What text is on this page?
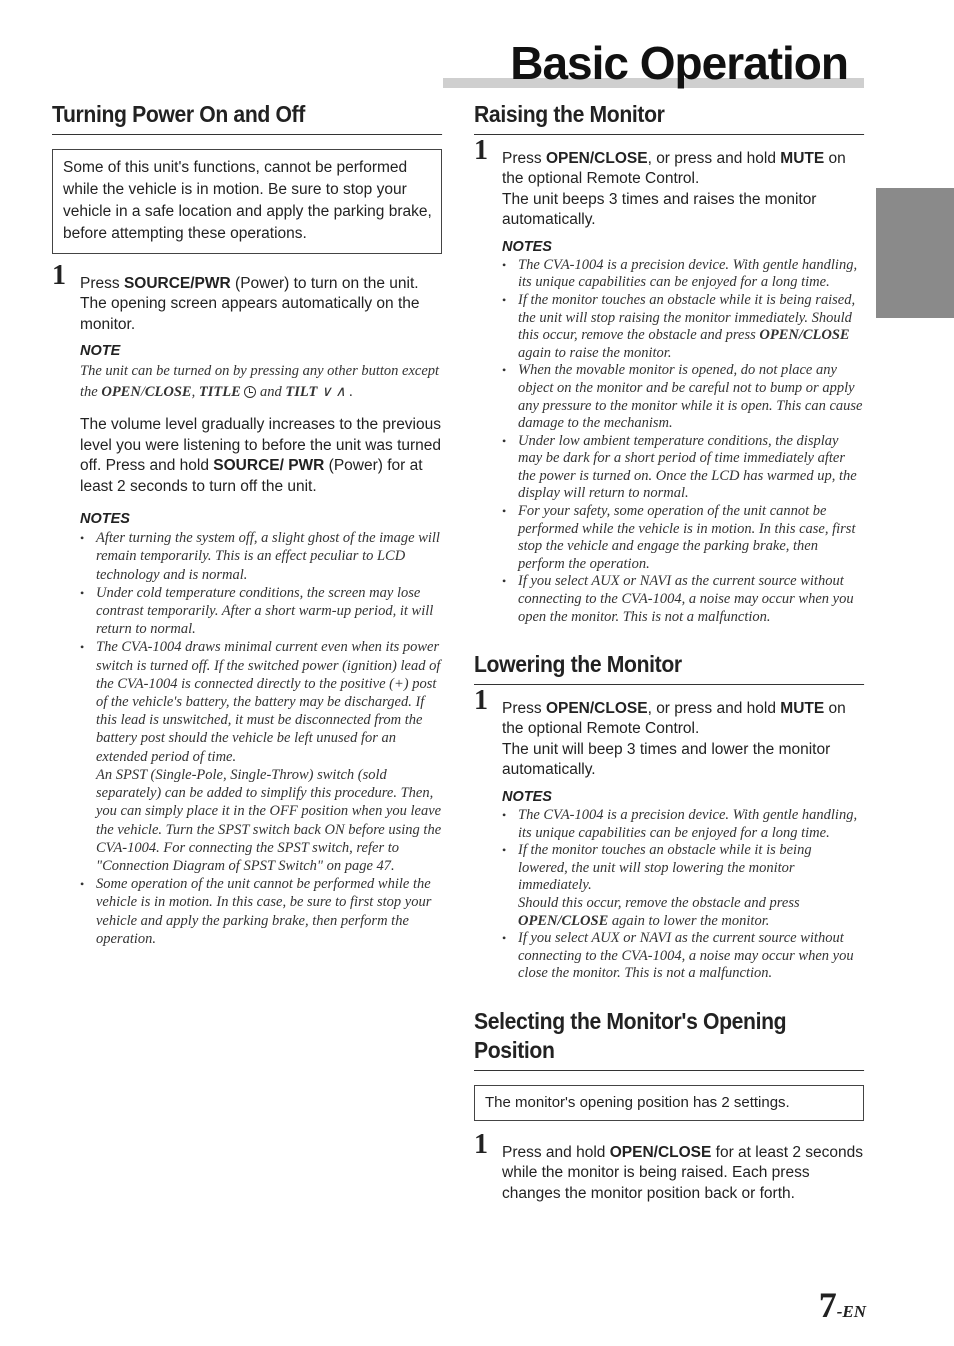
Basic Operation
Turning Power On and Off
Some of this unit's functions, cannot be performed while the vehicle is in motion. Be sure to stop your vehicle in a safe location and apply the parking brake, before attempting these operations.
1 Press SOURCE/PWR (Power) to turn on the unit.

The opening screen appears automatically on the monitor.

NOTE
The unit can be turned on by pressing any other button except the OPEN/CLOSE, TITLE  and TILT ∨ ∧ .

The volume level gradually increases to the previous level you were listening to before the unit was turned off. Press and hold SOURCE/ PWR (Power) for at least 2 seconds to turn off the unit.

NOTES
• After turning the system off, a slight ghost of the image will remain temporarily. This is an effect peculiar to LCD technology and is normal.
• Under cold temperature conditions, the screen may lose contrast temporarily. After a short warm-up period, it will return to normal.
• The CVA-1004 draws minimal current even when its power switch is turned off. If the switched power (ignition) lead of the CVA-1004 is connected directly to the positive (+) post of the vehicle's battery, the battery may be discharged. If this lead is unswitched, it must be disconnected from the battery post should the vehicle be left unused for an extended period of time.
An SPST (Single-Pole, Single-Throw) switch (sold separately) can be added to simplify this procedure. Then, you can simply place it in the OFF position when you leave the vehicle. Turn the SPST switch back ON before using the CVA-1004. For connecting the SPST switch, refer to "Connection Diagram of SPST Switch" on page 47.
• Some operation of the unit cannot be performed while the vehicle is in motion. In this case, be sure to first stop your vehicle and apply the parking brake, then perform the operation.
Raising the Monitor
1 Press OPEN/CLOSE, or press and hold MUTE on the optional Remote Control.

The unit beeps 3 times and raises the monitor automatically.

NOTES
• The CVA-1004 is a precision device. With gentle handling, its unique capabilities can be enjoyed for a long time.
• If the monitor touches an obstacle while it is being raised, the unit will stop raising the monitor immediately. Should this occur, remove the obstacle and press OPEN/CLOSE again to raise the monitor.
• When the movable monitor is opened, do not place any object on the monitor and be careful not to bump or apply any pressure to the monitor while it is open. This can cause damage to the mechanism.
• Under low ambient temperature conditions, the display may be dark for a short period of time immediately after the power is turned on. Once the LCD has warmed up, the display will return to normal.
• For your safety, some operation of the unit cannot be performed while the vehicle is in motion. In this case, first stop the vehicle and engage the parking brake, then perform the operation.
• If you select AUX or NAVI as the current source without connecting to the CVA-1004, a noise may occur when you open the monitor. This is not a malfunction.
Lowering the Monitor
1 Press OPEN/CLOSE, or press and hold MUTE on the optional Remote Control.

The unit will beep 3 times and lower the monitor automatically.

NOTES
• The CVA-1004 is a precision device. With gentle handling, its unique capabilities can be enjoyed for a long time.
• If the monitor touches an obstacle while it is being lowered, the unit will stop lowering the monitor immediately.
Should this occur, remove the obstacle and press OPEN/CLOSE again to lower the monitor.
• If you select AUX or NAVI as the current source without connecting to the CVA-1004, a noise may occur when you close the monitor. This is not a malfunction.
Selecting the Monitor's Opening Position
The monitor's opening position has 2 settings.
1 Press and hold OPEN/CLOSE for at least 2 seconds while the monitor is being raised. Each press changes the monitor position back or forth.

7-EN
